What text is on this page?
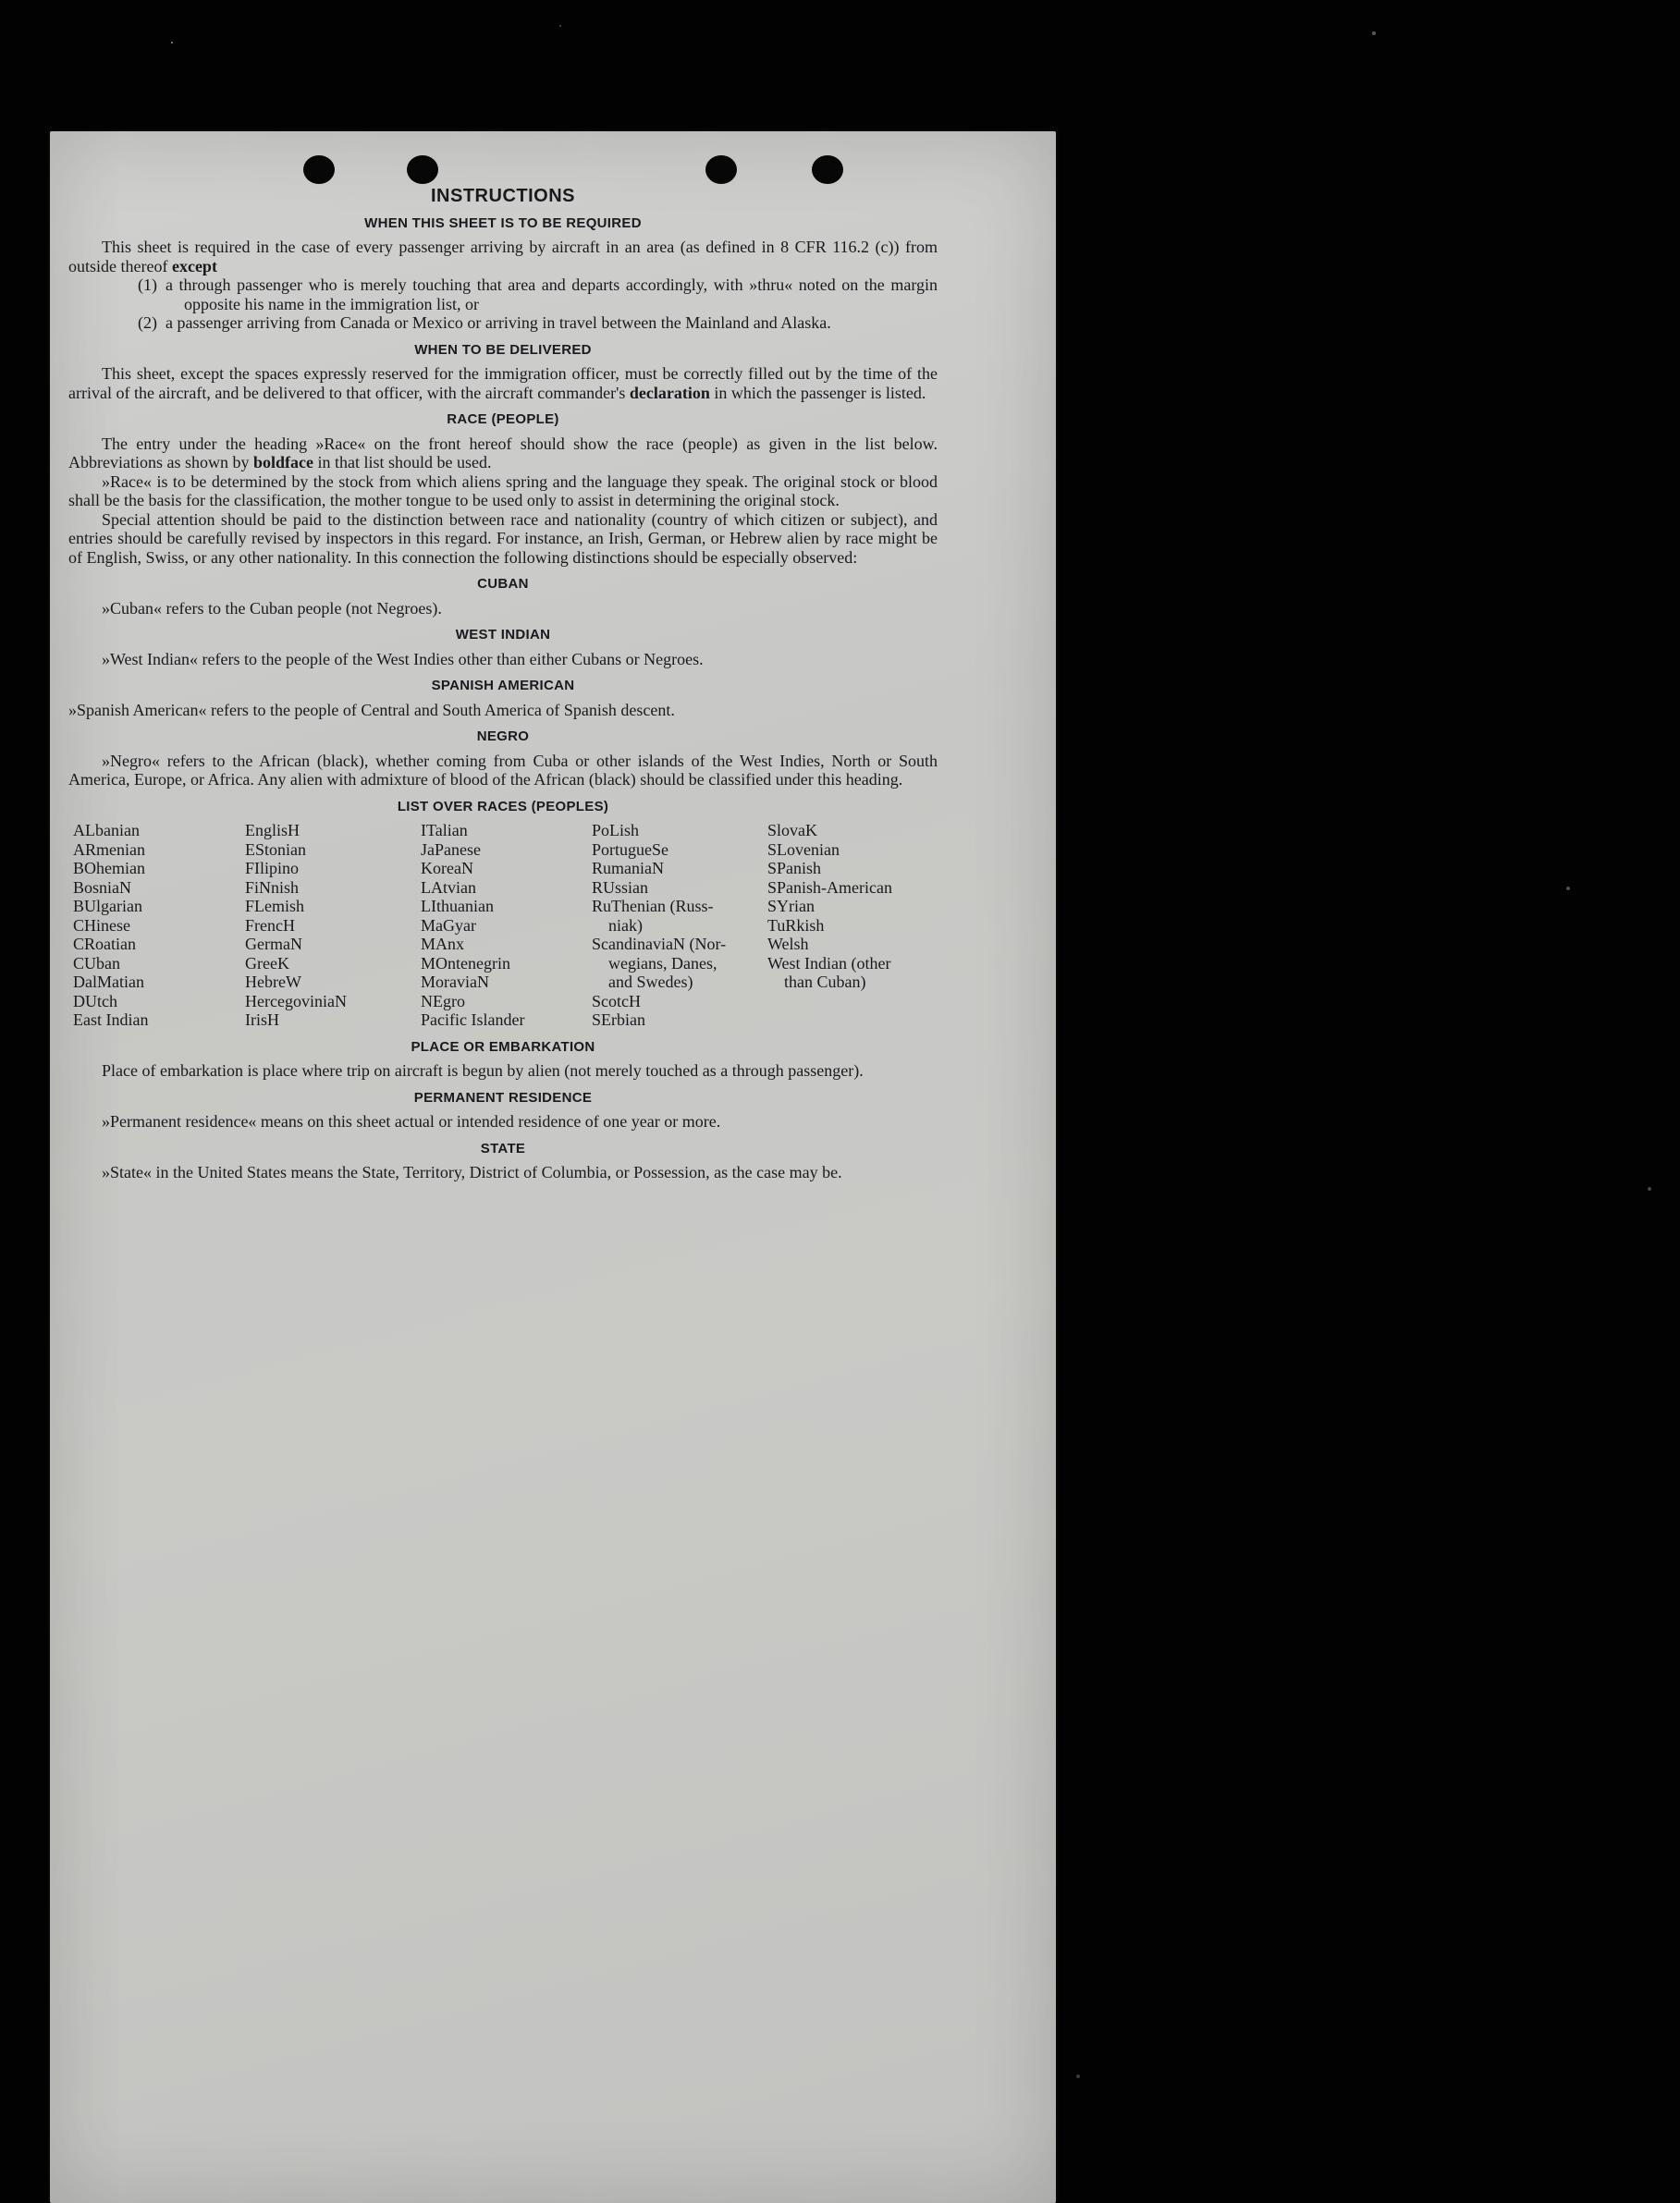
INSTRUCTIONS
WHEN THIS SHEET IS TO BE REQUIRED

This sheet is required in the case of every passenger arriving by aircraft in an area (as defined in 8 CFR 116.2 (c)) from outside thereof except

(1) a through passenger who is merely touching that area and departs accordingly, with »thru« noted on the margin opposite his name in the immigration list, or

(2) a passenger arriving from Canada or Mexico or arriving in travel between the Mainland and Alaska.

WHEN TO BE DELIVERED

This sheet, except the spaces expressly reserved for the immigration officer, must be correctly filled out by the time of the arrival of the aircraft, and be delivered to that officer, with the aircraft commander's declaration in which the passenger is listed.

RACE (PEOPLE)

The entry under the heading »Race« on the front hereof should show the race (people) as given in the list below. Abbreviations as shown by boldface in that list should be used.

»Race« is to be determined by the stock from which aliens spring and the language they speak. The original stock or blood shall be the basis for the classification, the mother tongue to be used only to assist in determining the original stock.

Special attention should be paid to the distinction between race and nationality (country of which citizen or subject), and entries should be carefully revised by inspectors in this regard. For instance, an Irish, German, or Hebrew alien by race might be of English, Swiss, or any other nationality. In this connection the following distinctions should be especially observed:

CUBAN

»Cuban« refers to the Cuban people (not Negroes).

WEST INDIAN

»West Indian« refers to the people of the West Indies other than either Cubans or Negroes.

SPANISH AMERICAN

»Spanish American« refers to the people of Central and South America of Spanish descent.

NEGRO

»Negro« refers to the African (black), whether coming from Cuba or other islands of the West Indies, North or South America, Europe, or Africa. Any alien with admixture of blood of the African (black) should be classified under this heading.

LIST OVER RACES (PEOPLES)
ALbanian
ARmenian
BOhemian
BosniaN
BUlgarian
CHinese
CRoatian
CUban
DalMatian
DUtch
East Indian
EnglisH
EStonian
FIlipino
FiNnish
FLemish
FrencH
GermaN
GreeK
HebreW
HercegoviniaN
IrisH
ITalian
JaPanese
KoreaN
LAtvian
LIthuanian
MaGyar
MAnx
MOntenegrin
MoraviaN
NEgro
Pacific Islander
PoLish
PortugueSe
RumaniaN
RUssian
RuThenian (Russ-
niak)
ScandinaviaN (Nor-
wegians, Danes,
and Swedes)
ScotcH
SErbian
SlovaK
SLovenian
SPanish
SPanish-American
SYrian
TuRkish
Welsh
West Indian (other
than Cuban)
PLACE OR EMBARKATION

Place of embarkation is place where trip on aircraft is begun by alien (not merely touched as a through passenger).

PERMANENT RESIDENCE

»Permanent residence« means on this sheet actual or intended residence of one year or more.

STATE

»State« in the United States means the State, Territory, District of Columbia, or Possession, as the case may be.
